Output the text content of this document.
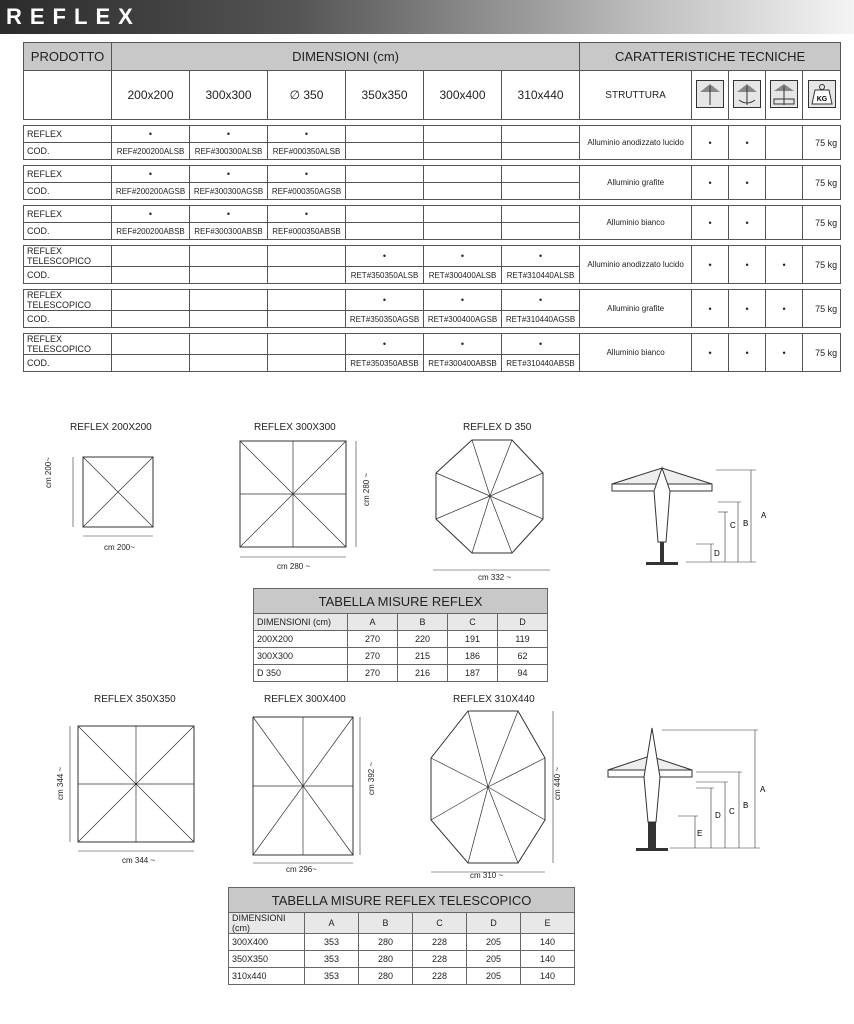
REFLEX
PRODOTTO	DIMENSIONI (cm)						CARATTERISTICHE TECNICHE				
	200x200	300x300	∅ 350	350x350	300x400	310x440	STRUTTURA				KG

REFLEX	•	•	•				Alluminio anodizzato lucido	•	•		75 kg
COD.	REF#200200ALSB	REF#300300ALSB	REF#000350ALSB								

REFLEX	•	•	•				Alluminio grafite	•	•		75 kg
COD.	REF#200200AGSB	REF#300300AGSB	REF#000350AGSB								

REFLEX	•	•	•				Alluminio bianco	•	•		75 kg
COD.	REF#200200ABSB	REF#300300ABSB	REF#000350ABSB								

REFLEX TELESCOPICO				•	•	•	Alluminio anodizzato lucido	•	•	•	75 kg
COD.				RET#350350ALSB	RET#300400ALSB	RET#310440ALSB					

REFLEX TELESCOPICO				•	•	•	Alluminio grafite	•	•	•	75 kg
COD.				RET#350350AGSB	RET#300400AGSB	RET#310440AGSB					

REFLEX TELESCOPICO				•	•	•	Alluminio bianco	•	•	•	75 kg
COD.				RET#350350ABSB	RET#300400ABSB	RET#310440ABSB					
REFLEX 200X200
cm 200~
cm 200~
REFLEX 300X300
cm 280 ~
cm 280 ~
REFLEX D 350
cm 332 ~
A
B
C
D
TABELLA MISURE REFLEX				
DIMENSIONI (cm)	A	B	C	D
200X200	270	220	191	119
300X300	270	215	186	62
D 350	270	216	187	94
REFLEX 350X350
cm 344 ~
cm 344 ~
REFLEX 300X400
cm 296~
cm 392 ~
REFLEX 310X440
cm 310 ~
cm 440 ~	A
B
C
D
E
TABELLA MISURE REFLEX TELESCOPICO					
DIMENSIONI (cm)	A	B	C	D	E
300X400	353	280	228	205	140
350X350	353	280	228	205	140
310x440	353	280	228	205	140
